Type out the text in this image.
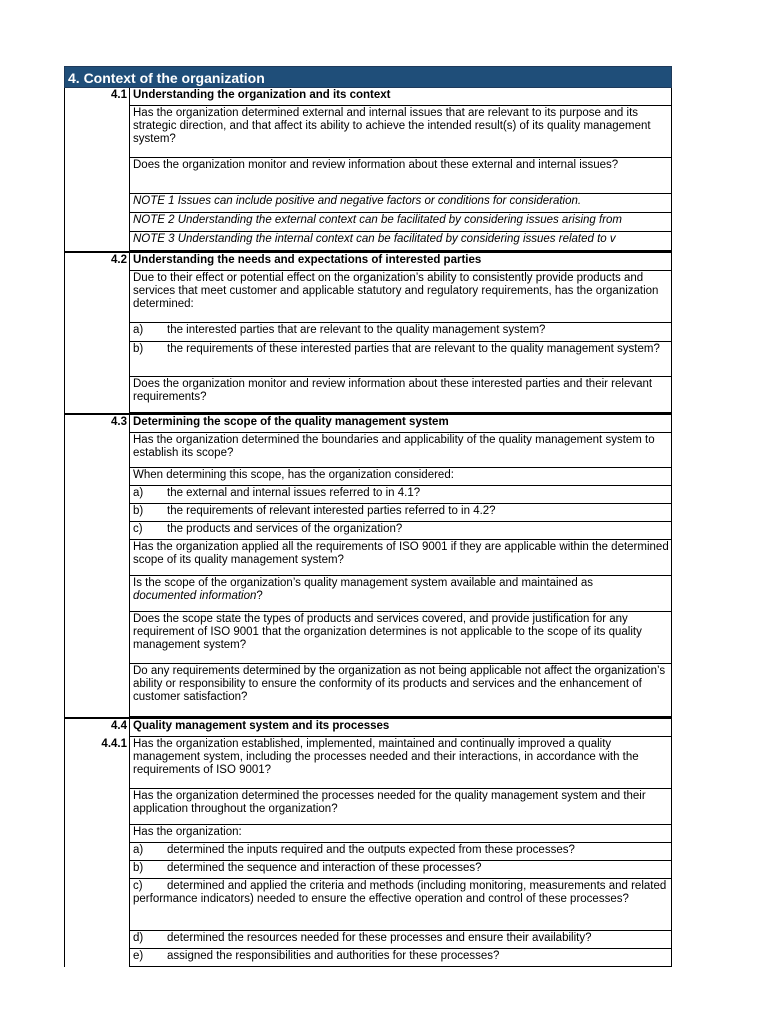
4. Context of the organization
4.1 Understanding the organization and its context
Has the organization determined external and internal issues that are relevant to its purpose and its strategic direction, and that affect its ability to achieve the intended result(s) of its quality management system?
Does the organization monitor and review information about these external and internal issues?
NOTE 1 Issues can include positive and negative factors or conditions for consideration.
NOTE 2 Understanding the external context can be facilitated by considering issues arising from
NOTE 3 Understanding the internal context can be facilitated by considering issues related to v
4.2 Understanding the needs and expectations of interested parties
Due to their effect or potential effect on the organization’s ability to consistently provide products and services that meet customer and applicable statutory and regulatory requirements, has the organization determined:
a) the interested parties that are relevant to the quality management system?
b) the requirements of these interested parties that are relevant to the quality management system?
Does the organization monitor and review information about these interested parties and their relevant requirements?
4.3 Determining the scope of the quality management system
Has the organization determined the boundaries and applicability of the quality management system to establish its scope?
When determining this scope, has the organization considered:
a) the external and internal issues referred to in 4.1?
b) the requirements of relevant interested parties referred to in 4.2?
c) the products and services of the organization?
Has the organization applied all the requirements of ISO 9001 if they are applicable within the determined scope of its quality management system?
Is the scope of the organization’s quality management system available and maintained as
documented information?
Does the scope state the types of products and services covered, and provide justification for any requirement of ISO 9001 that the organization determines is not applicable to the scope of its quality management system?
Do any requirements determined by the organization as not being applicable not affect the organization’s ability or responsibility to ensure the conformity of its products and services and the enhancement of customer satisfaction?
4.4 Quality management system and its processes
4.4.1 Has the organization established, implemented, maintained and continually improved a quality management system, including the processes needed and their interactions, in accordance with the requirements of ISO 9001?
Has the organization determined the processes needed for the quality management system and their application throughout the organization?
Has the organization:
a) determined the inputs required and the outputs expected from these processes?
b) determined the sequence and interaction of these processes?
c) determined and applied the criteria and methods (including monitoring, measurements and related performance indicators) needed to ensure the effective operation and control of these processes?
d) determined the resources needed for these processes and ensure their availability?
e) assigned the responsibilities and authorities for these processes?
